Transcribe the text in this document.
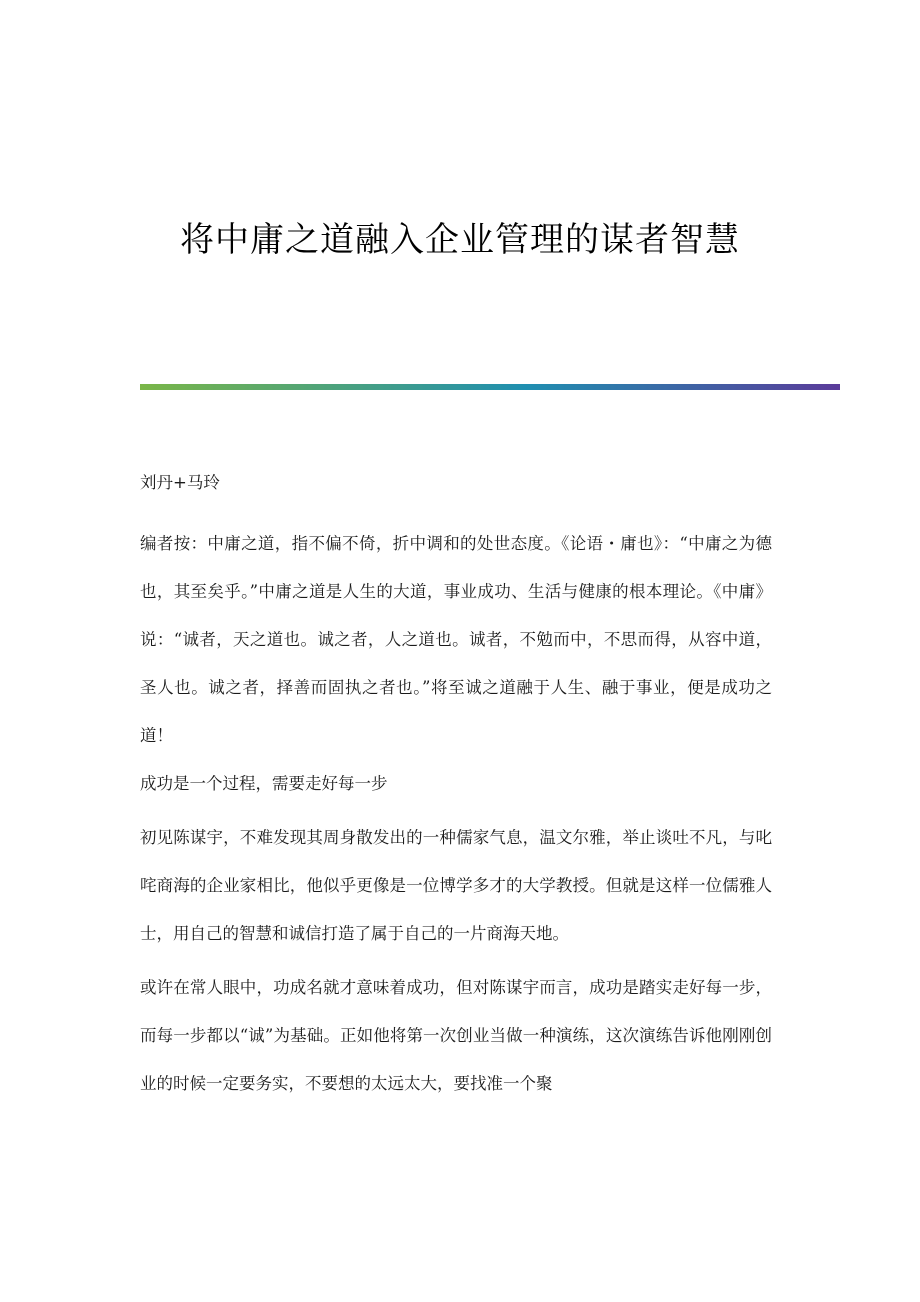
将中庸之道融入企业管理的谋者智慧

刘丹+马玲

编者按：中庸之道，指不偏不倚，折中调和的处世态度。《论语・庸也》：“中庸之为德也，其至矣乎。”中庸之道是人生的大道，事业成功、生活与健康的根本理论。《中庸》说：“诚者，天之道也。诚之者，人之道也。诚者，不勉而中，不思而得，从容中道，圣人也。诚之者，择善而固执之者也。”将至诚之道融于人生、融于事业，便是成功之道！

成功是一个过程，需要走好每一步

初见陈谋宇，不难发现其周身散发出的一种儒家气息，温文尔雅，举止谈吐不凡，与叱咤商海的企业家相比，他似乎更像是一位博学多才的大学教授。但就是这样一位儒雅人士，用自己的智慧和诚信打造了属于自己的一片商海天地。

或许在常人眼中，功成名就才意味着成功，但对陈谋宇而言，成功是踏实走好每一步，而每一步都以“诚”为基础。正如他将第一次创业当做一种演练，这次演练告诉他刚刚创业的时候一定要务实，不要想的太远太大，要找准一个聚
